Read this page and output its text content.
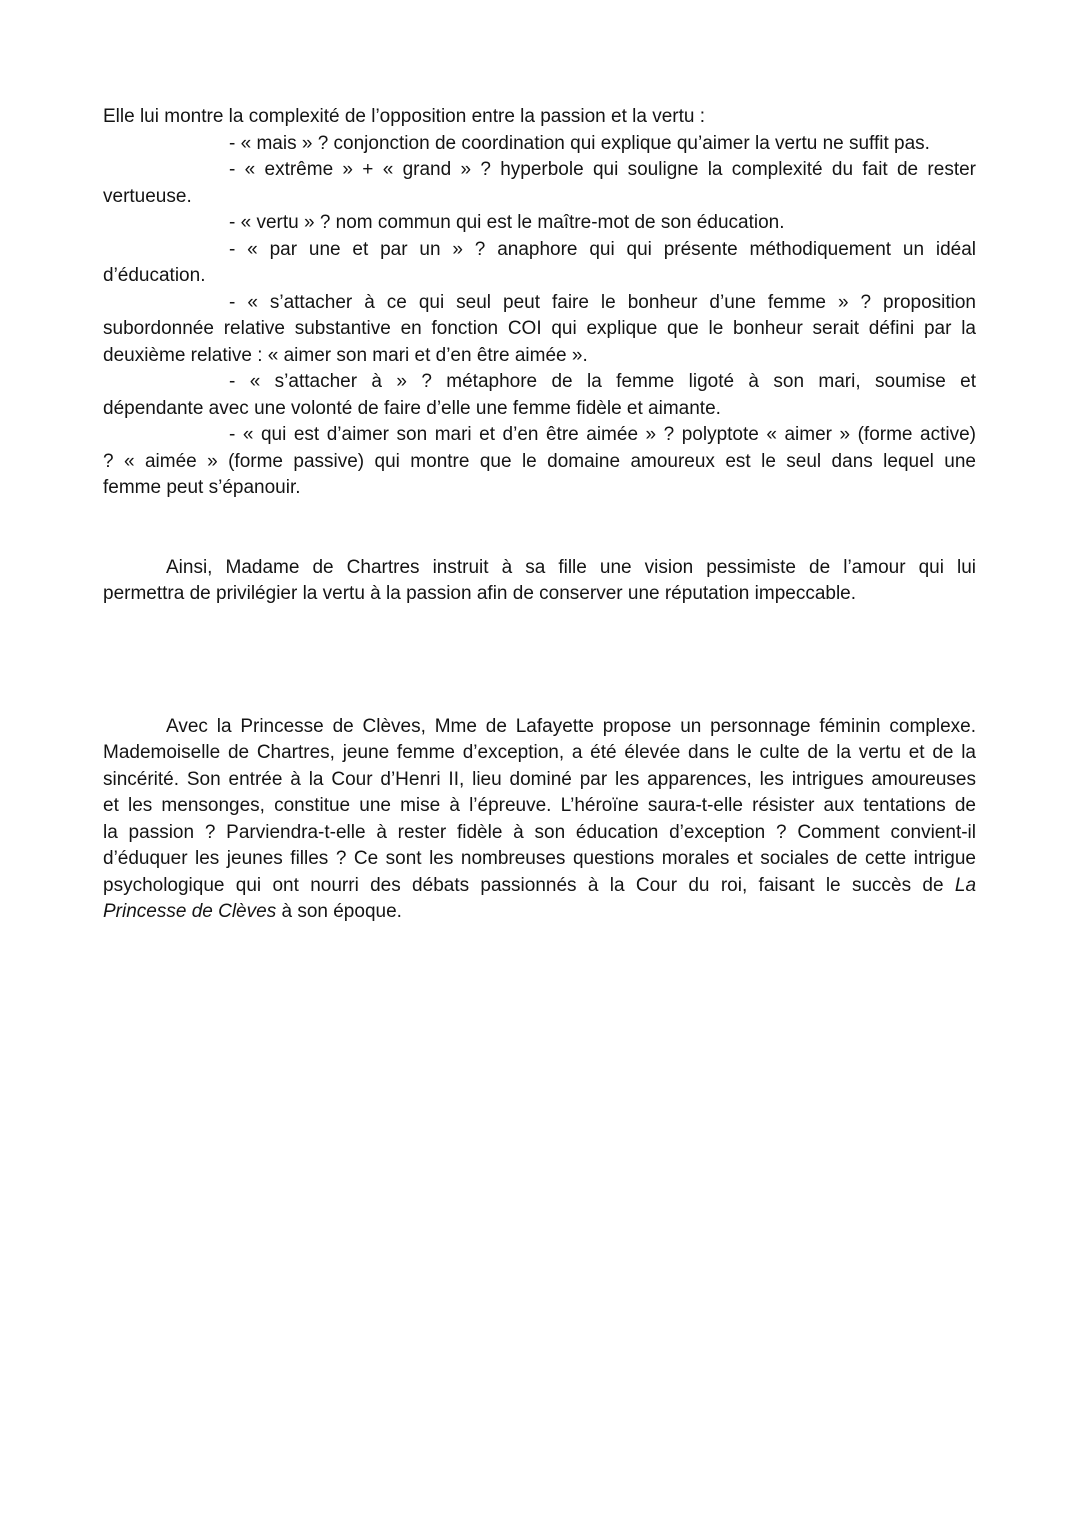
Elle lui montre la complexité de l’opposition entre la passion et la vertu :
- « mais » ? conjonction de coordination qui explique qu’aimer la vertu ne suffit pas.
- « extrême » + « grand » ? hyperbole qui souligne la complexité du fait de rester
vertueuse.
- « vertu » ? nom commun qui est le maître-mot de son éducation.
- « par une et par un » ? anaphore qui qui présente méthodiquement un idéal
d’éducation.
- « s’attacher à ce qui seul peut faire le bonheur d’une femme » ? proposition
subordonnée relative substantive en fonction COI qui explique que le bonheur serait défini par la
deuxième relative : « aimer son mari et d’en être aimée ».
- « s’attacher à » ? métaphore de la femme ligoté à son mari, soumise et
dépendante avec une volonté de faire d’elle une femme fidèle et aimante.
- « qui est d’aimer son mari et d’en être aimée » ? polyptote « aimer » (forme active)
? « aimée » (forme passive) qui montre que le domaine amoureux est le seul dans lequel une
femme peut s’épanouir.
Ainsi, Madame de Chartres instruit à sa fille une vision pessimiste de l’amour qui lui
permettra de privilégier la vertu à la passion afin de conserver une réputation impeccable.
Avec la Princesse de Clèves, Mme de Lafayette propose un personnage féminin complexe.
Mademoiselle de Chartres, jeune femme d’exception, a été élevée dans le culte de la vertu et de la
sincérité. Son entrée à la Cour d’Henri II, lieu dominé par les apparences, les intrigues amoureuses
et les mensonges, constitue une mise à l’épreuve. L’héroïne saura-t-elle résister aux tentations de
la passion ? Parviendra-t-elle à rester fidèle à son éducation d’exception ? Comment convient-il
d’éduquer les jeunes filles ? Ce sont les nombreuses questions morales et sociales de cette intrigue
psychologique qui ont nourri des débats passionnés à la Cour du roi, faisant le succès de La
Princesse de Clèves à son époque.
